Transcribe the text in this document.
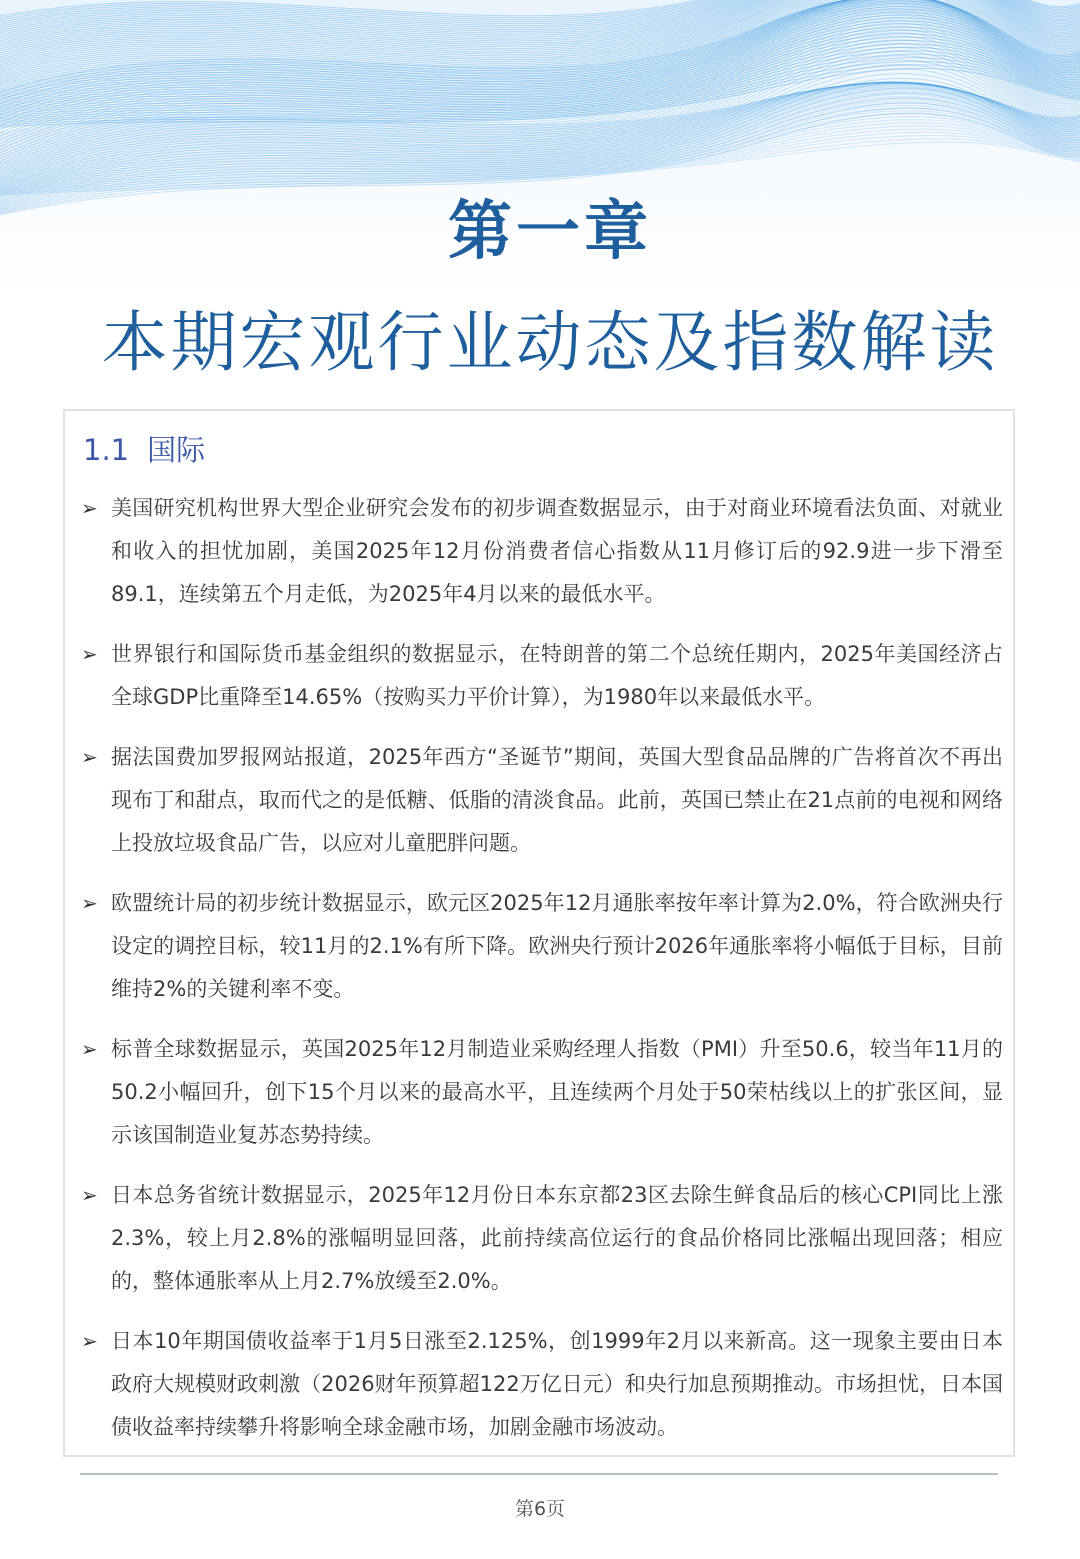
第一章
本期宏观行业动态及指数解读
1.1 国际
➢ 美国研究机构世界大型企业研究会发布的初步调查数据显示，由于对商业环境看法负面、对就业和收入的担忧加剧，美国2025年12月份消费者信心指数从11月修订后的92.9进一步下滑至89.1，连续第五个月走低，为2025年4月以来的最低水平。
➢ 世界银行和国际货币基金组织的数据显示，在特朗普的第二个总统任期内，2025年美国经济占全球GDP比重降至14.65%（按购买力平价计算），为1980年以来最低水平。
➢ 据法国费加罗报网站报道，2025年西方“圣诞节”期间，英国大型食品品牌的广告将首次不再出现布丁和甜点，取而代之的是低糖、低脂的清淡食品。此前，英国已禁止在21点前的电视和网络上投放垃圾食品广告，以应对儿童肥胖问题。
➢ 欧盟统计局的初步统计数据显示，欧元区2025年12月通胀率按年率计算为2.0%，符合欧洲央行设定的调控目标，较11月的2.1%有所下降。欧洲央行预计2026年通胀率将小幅低于目标，目前维持2%的关键利率不变。
➢ 标普全球数据显示，英国2025年12月制造业采购经理人指数（PMI）升至50.6，较当年11月的50.2小幅回升，创下15个月以来的最高水平，且连续两个月处于50荣枯线以上的扩张区间，显示该国制造业复苏态势持续。
➢ 日本总务省统计数据显示，2025年12月份日本东京都23区去除生鲜食品后的核心CPI同比上涨2.3%，较上月2.8%的涨幅明显回落，此前持续高位运行的食品价格同比涨幅出现回落；相应的，整体通胀率从上月2.7%放缓至2.0%。
➢ 日本10年期国债收益率于1月5日涨至2.125%，创1999年2月以来新高。这一现象主要由日本政府大规模财政刺激（2026财年预算超122万亿日元）和央行加息预期推动。市场担忧，日本国债收益率持续攀升将影响全球金融市场，加剧金融市场波动。
第6页
